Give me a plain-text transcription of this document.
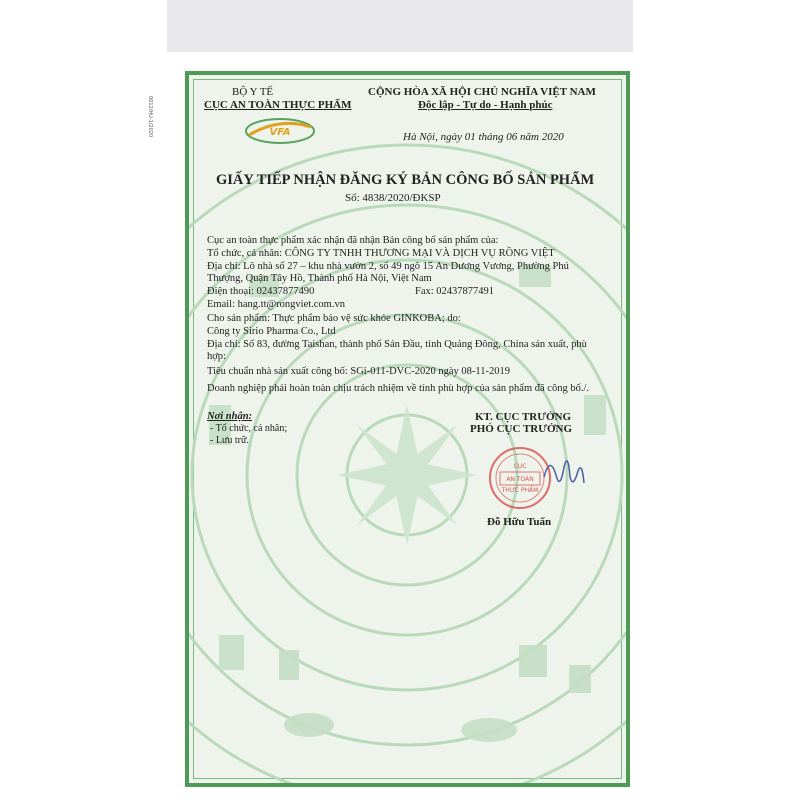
0012/HU-1/2020	VFA
BỘ Y TẾ
CỤC AN TOÀN THỰC PHẨM
CỘNG HÒA XÃ HỘI CHỦ NGHĨA VIỆT NAM
Độc lập - Tự do - Hạnh phúc
Hà Nội, ngày 01 tháng 06 năm 2020
GIẤY TIẾP NHẬN ĐĂNG KÝ BẢN CÔNG BỐ SẢN PHẨM
Số: 4838/2020/ĐKSP
Cục an toàn thực phẩm xác nhận đã nhận Bản công bố sản phẩm của:
Tổ chức, cá nhân: CÔNG TY TNHH THƯƠNG MẠI VÀ DỊCH VỤ RỒNG VIỆT
Địa chỉ: Lô nhà số 27 – khu nhà vườn 2, số 49 ngõ 15 An Dương Vương, Phường Phú
Thượng, Quận Tây Hồ, Thành phố Hà Nội, Việt Nam
Điện thoại: 02437877490	Fax: 02437877491
Email: hang.tt@rongviet.com.vn
Cho sản phẩm: Thực phẩm bảo vệ sức khỏe GINKOBA; do:
Công ty Sirio Pharma Co., Ltd
Địa chỉ: Số 83, đường Taishan, thành phố Sán Đầu, tỉnh Quảng Đông, China sản xuất, phù
hợp:
Tiêu chuẩn nhà sản xuất công bố: SGi-011-DVC-2020 ngày 08-11-2019
Doanh nghiệp phải hoàn toàn chịu trách nhiệm về tính phù hợp của sản phẩm đã công bố./.
Nơi nhận:
- Tổ chức, cá nhân;
- Lưu trữ.
KT. CỤC TRƯỞNG
PHÓ CỤC TRƯỞNG
CỤC
AN TOÀN
THỰC PHẨM
Đỗ Hữu Tuấn
